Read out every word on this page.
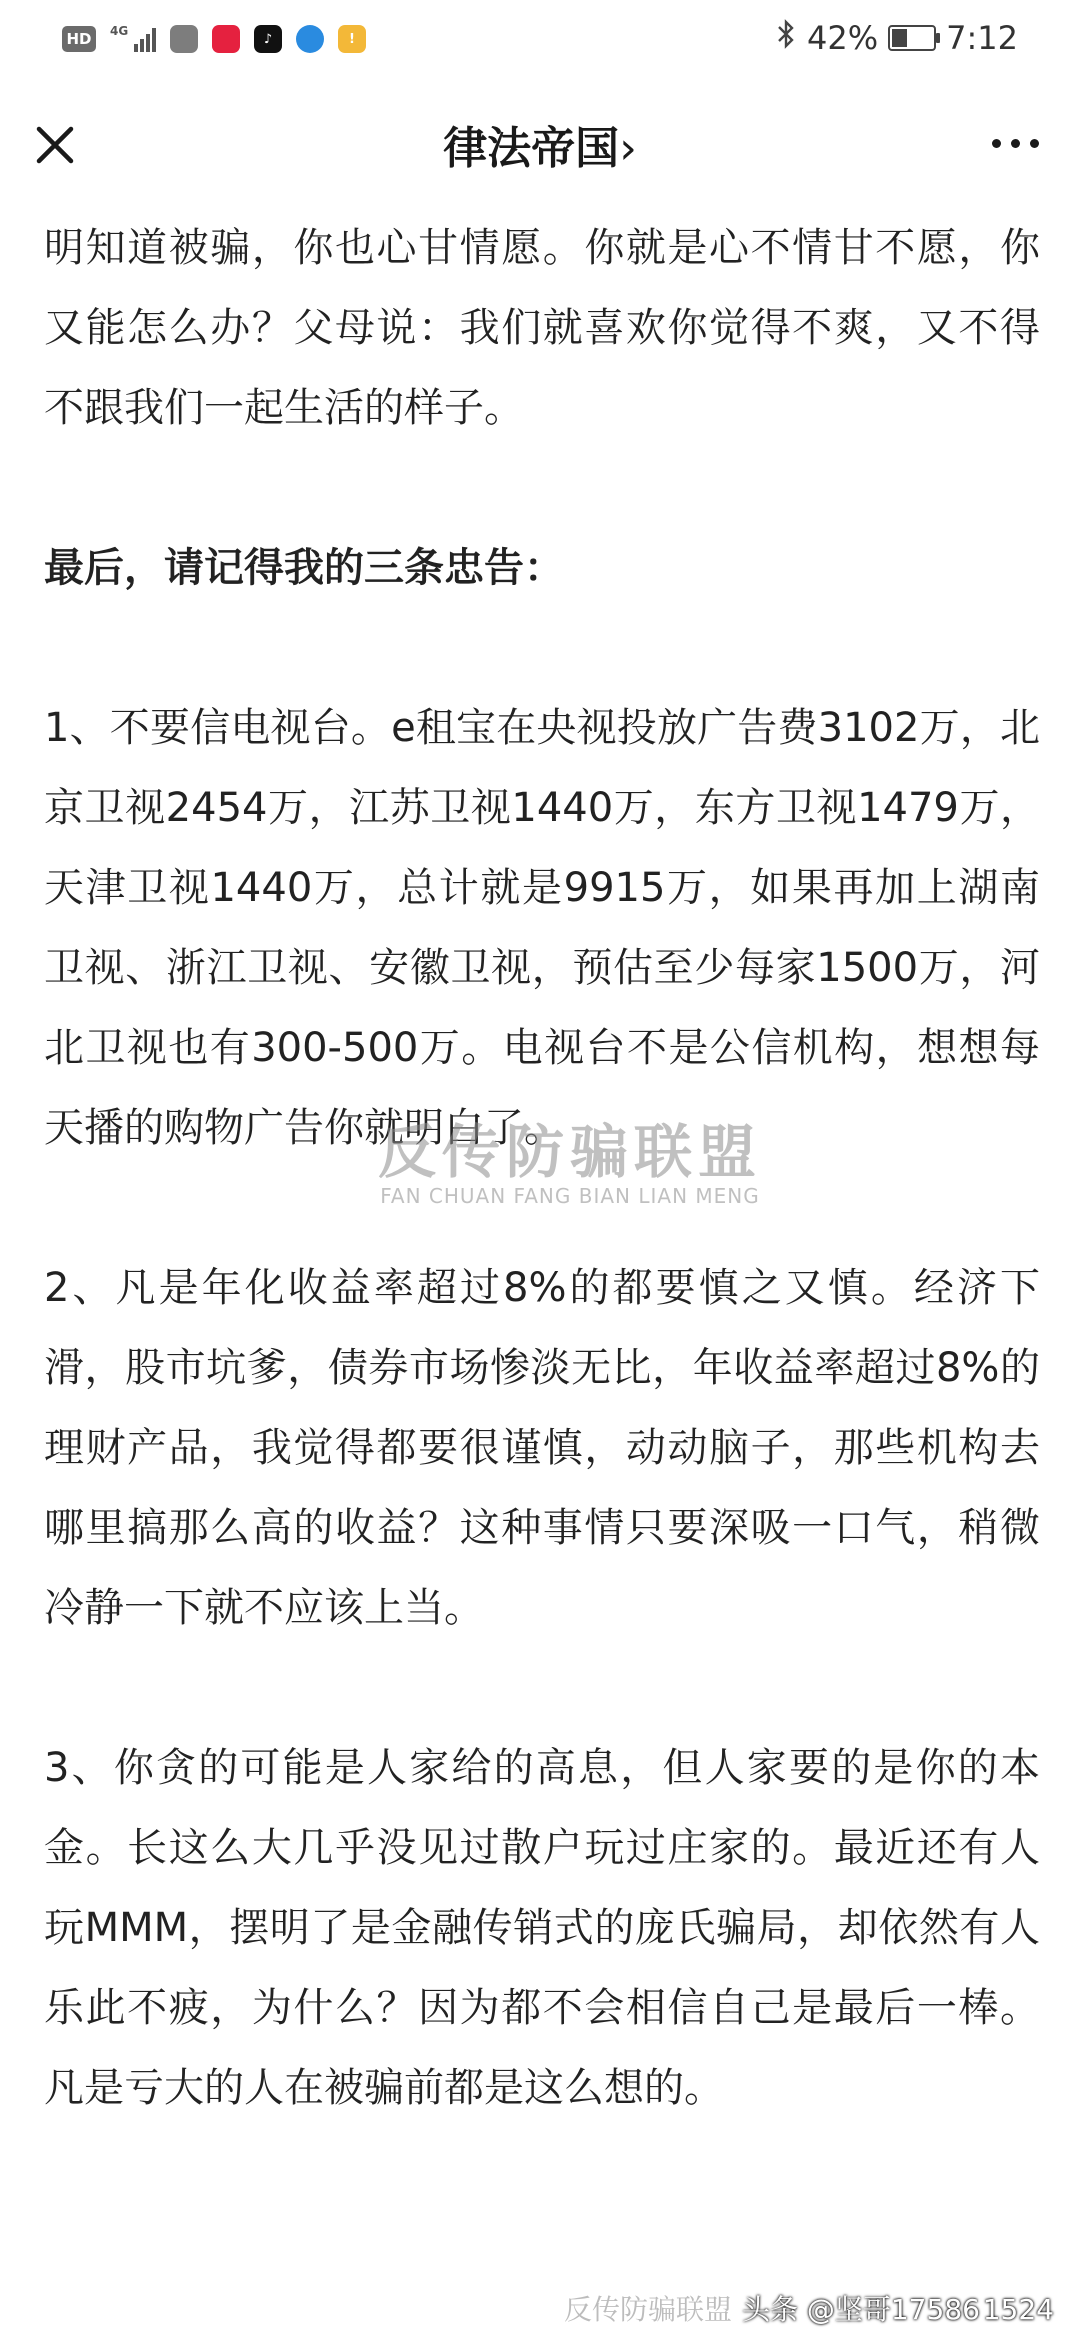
HD	4G
♪	!	42% 7:12
律法帝国›

明知道被骗，你也心甘情愿。你就是心不情甘不愿，你又能怎么办？父母说：我们就喜欢你觉得不爽，又不得不跟我们一起生活的样子。

最后，请记得我的三条忠告：

1、不要信电视台。e租宝在央视投放广告费3102万，北京卫视2454万，江苏卫视1440万，东方卫视1479万，天津卫视1440万，总计就是9915万，如果再加上湖南卫视、浙江卫视、安徽卫视，预估至少每家1500万，河北卫视也有300-500万。电视台不是公信机构，想想每天播的购物广告你就明白了。

2、凡是年化收益率超过8%的都要慎之又慎。经济下滑，股市坑爹，债券市场惨淡无比，年收益率超过8%的理财产品，我觉得都要很谨慎，动动脑子，那些机构去哪里搞那么高的收益？这种事情只要深吸一口气，稍微冷静一下就不应该上当。

3、你贪的可能是人家给的高息，但人家要的是你的本金。长这么大几乎没见过散户玩过庄家的。最近还有人玩MMM，摆明了是金融传销式的庞氏骗局，却依然有人乐此不疲，为什么？因为都不会相信自己是最后一棒。凡是亏大的人在被骗前都是这么想的。

反传防骗联盟
FAN CHUAN FANG BIAN LIAN MENG
反传防骗联盟 头条 @坚哥17586 1524
